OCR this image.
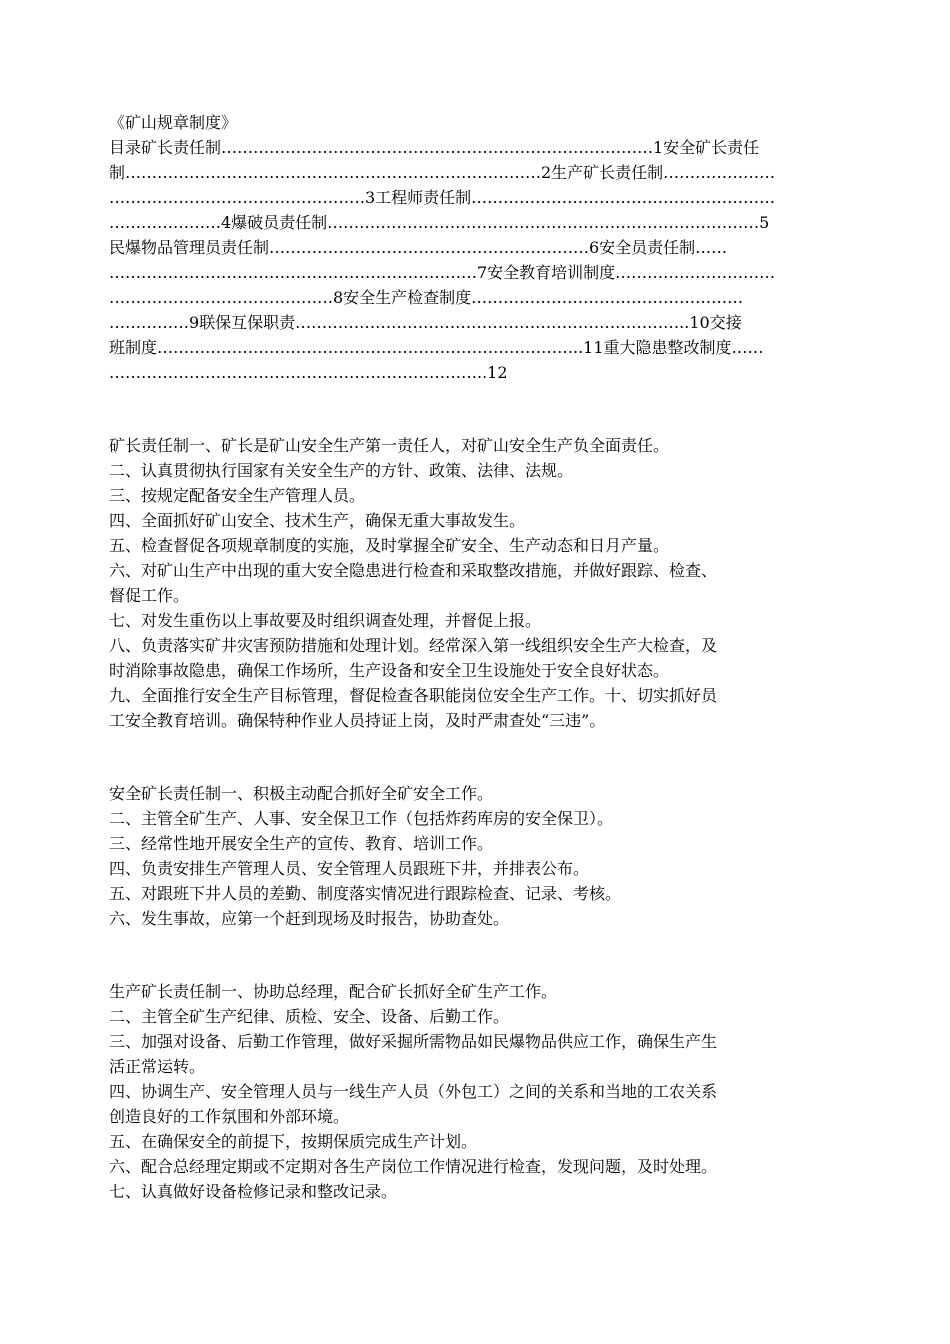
《矿山规章制度》
目录矿长责任制………………………………………………………………………1安全矿长责任
制……………………………………………………………………2生产矿长责任制…………………
…………………………………………3工程师责任制…………………………………………………
…………………4爆破员责任制………………………………………………………………………5
民爆物品管理员责任制……………………………………………………6安全员责任制……
……………………………………………………………7安全教育培训制度…………………………
……………………………………8安全生产检查制度……………………………………………
……………9联保互保职责………………………………………………………………..10交接
班制度……………………………………………………………………..11重大隐患整改制度……
……………………………………………………………..12
矿长责任制一、矿长是矿山安全生产第一责任人，对矿山安全生产负全面责任。
二、认真贯彻执行国家有关安全生产的方针、政策、法律、法规。
三、按规定配备安全生产管理人员。
四、全面抓好矿山安全、技术生产，确保无重大事故发生。
五、检查督促各项规章制度的实施，及时掌握全矿安全、生产动态和日月产量。
六、对矿山生产中出现的重大安全隐患进行检查和采取整改措施，并做好跟踪、检查、
督促工作。
七、对发生重伤以上事故要及时组织调查处理，并督促上报。
八、负责落实矿井灾害预防措施和处理计划。经常深入第一线组织安全生产大检查，及
时消除事故隐患，确保工作场所，生产设备和安全卫生设施处于安全良好状态。
九、全面推行安全生产目标管理，督促检查各职能岗位安全生产工作。十、切实抓好员
工安全教育培训。确保特种作业人员持证上岗，及时严肃查处“三违”。
安全矿长责任制一、积极主动配合抓好全矿安全工作。
二、主管全矿生产、人事、安全保卫工作（包括炸药库房的安全保卫）。
三、经常性地开展安全生产的宣传、教育、培训工作。
四、负责安排生产管理人员、安全管理人员跟班下井，并排表公布。
五、对跟班下井人员的差勤、制度落实情况进行跟踪检查、记录、考核。
六、发生事故，应第一个赶到现场及时报告，协助查处。
生产矿长责任制一、协助总经理，配合矿长抓好全矿生产工作。
二、主管全矿生产纪律、质检、安全、设备、后勤工作。
三、加强对设备、后勤工作管理，做好采掘所需物品如民爆物品供应工作，确保生产生
活正常运转。
四、协调生产、安全管理人员与一线生产人员（外包工）之间的关系和当地的工农关系
创造良好的工作氛围和外部环境。
五、在确保安全的前提下，按期保质完成生产计划。
六、配合总经理定期或不定期对各生产岗位工作情况进行检查，发现问题，及时处理。
七、认真做好设备检修记录和整改记录。
